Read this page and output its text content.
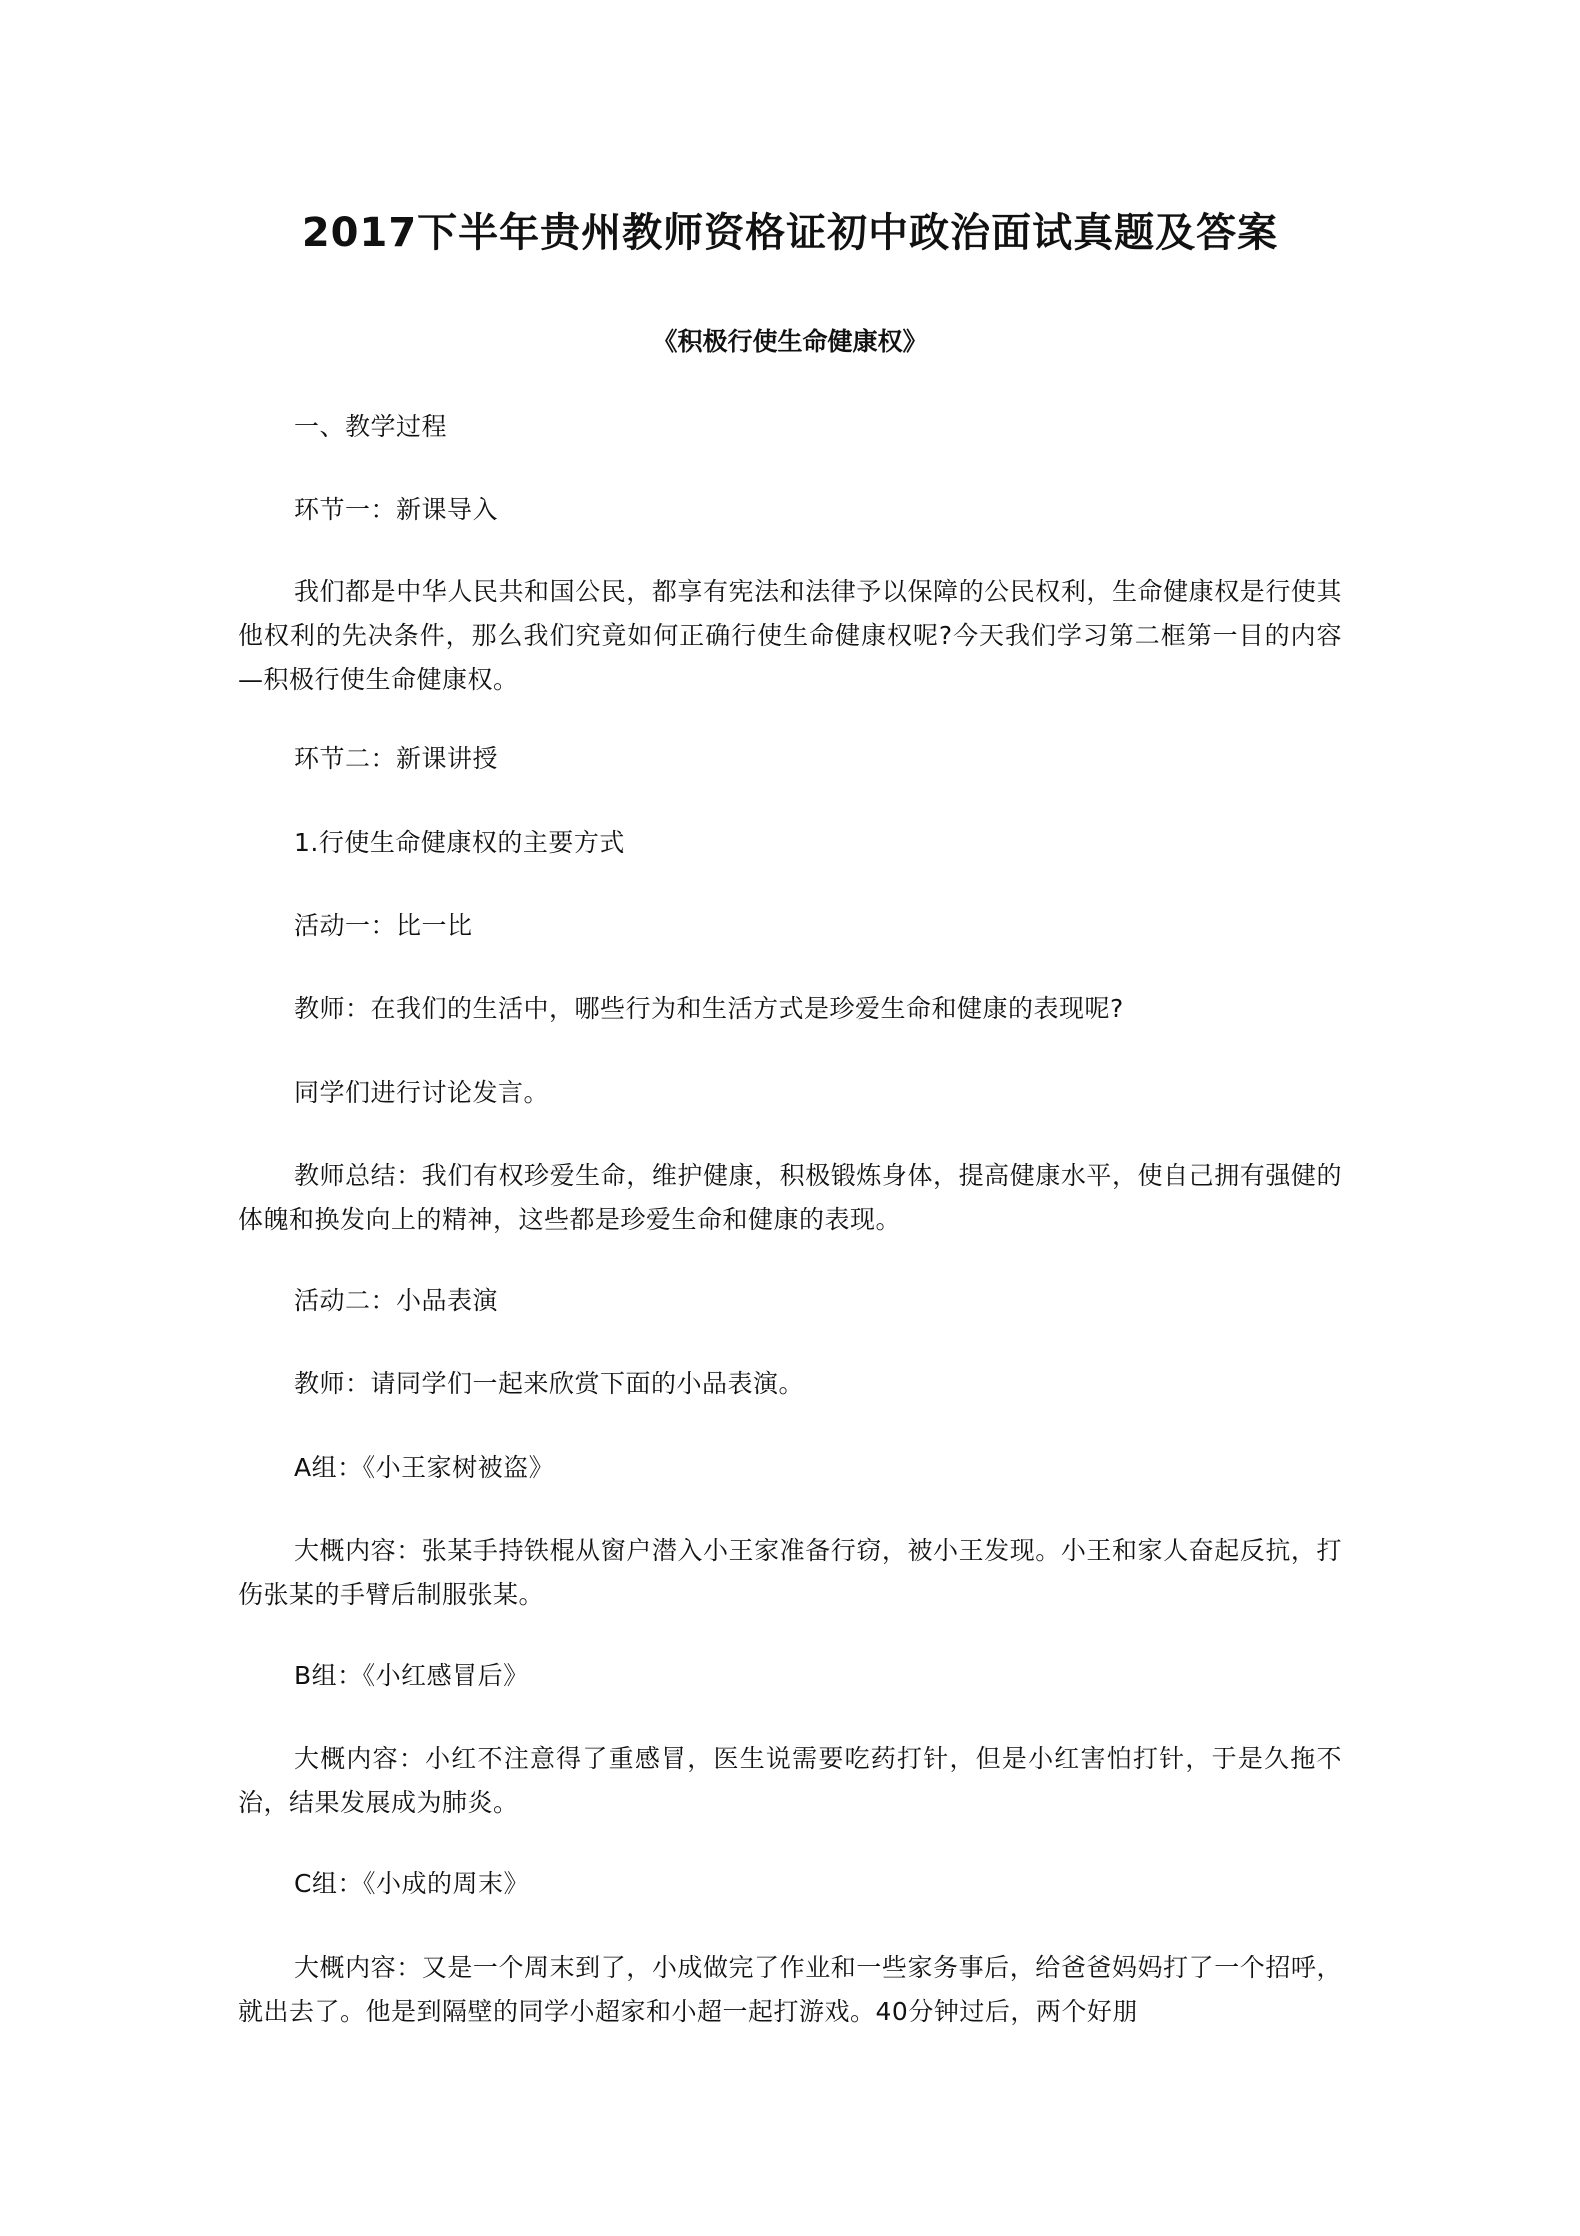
2017下半年贵州教师资格证初中政治面试真题及答案
《积极行使生命健康权》

一、教学过程

环节一：新课导入

我们都是中华人民共和国公民，都享有宪法和法律予以保障的公民权利，生命健康权是行使其他权利的先决条件，那么我们究竟如何正确行使生命健康权呢?今天我们学习第二框第一目的内容—积极行使生命健康权。

环节二：新课讲授

1.行使生命健康权的主要方式

活动一：比一比

教师：在我们的生活中，哪些行为和生活方式是珍爱生命和健康的表现呢?

同学们进行讨论发言。

教师总结：我们有权珍爱生命，维护健康，积极锻炼身体，提高健康水平，使自己拥有强健的体魄和换发向上的精神，这些都是珍爱生命和健康的表现。

活动二：小品表演

教师：请同学们一起来欣赏下面的小品表演。

A组：《小王家树被盗》

大概内容：张某手持铁棍从窗户潜入小王家准备行窃，被小王发现。小王和家人奋起反抗，打伤张某的手臂后制服张某。

B组：《小红感冒后》

大概内容：小红不注意得了重感冒，医生说需要吃药打针，但是小红害怕打针，于是久拖不治，结果发展成为肺炎。

C组：《小成的周末》

大概内容：又是一个周末到了，小成做完了作业和一些家务事后，给爸爸妈妈打了一个招呼，就出去了。他是到隔壁的同学小超家和小超一起打游戏。40分钟过后，两个好朋
